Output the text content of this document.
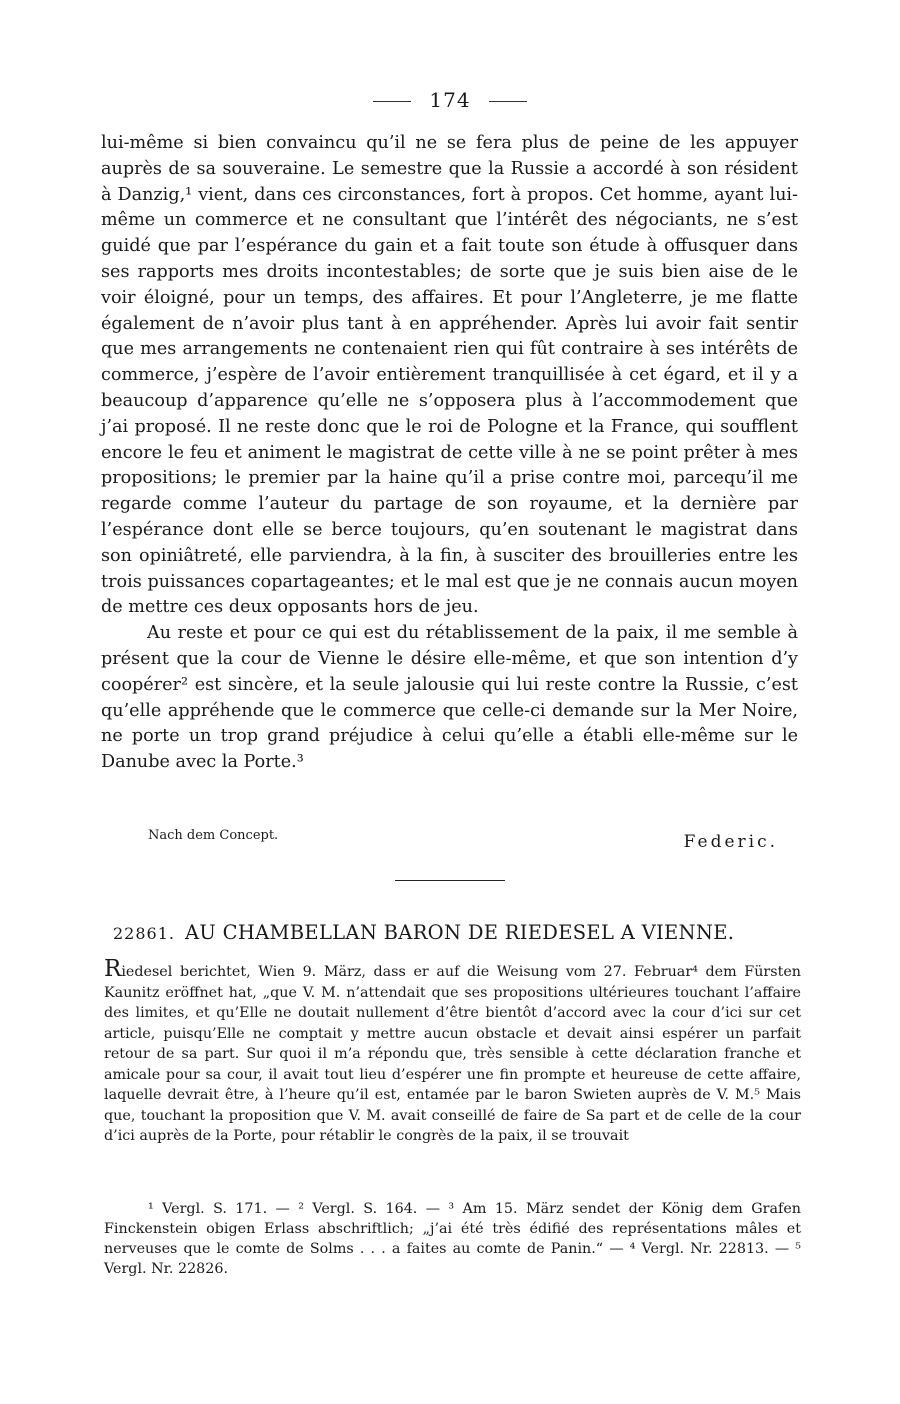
174

lui-même si bien convaincu qu’il ne se fera plus de peine de les appuyer auprès de sa souveraine. Le semestre que la Russie a accordé à son résident à Danzig,¹ vient, dans ces circonstances, fort à propos. Cet homme, ayant lui-même un commerce et ne consultant que l’intérêt des négociants, ne s’est guidé que par l’espérance du gain et a fait toute son étude à offusquer dans ses rapports mes droits incontestables; de sorte que je suis bien aise de le voir éloigné, pour un temps, des affaires. Et pour l’Angleterre, je me flatte également de n’avoir plus tant à en appréhender. Après lui avoir fait sentir que mes arrangements ne contenaient rien qui fût contraire à ses intérêts de commerce, j’espère de l’avoir entièrement tranquillisée à cet égard, et il y a beaucoup d’apparence qu’elle ne s’opposera plus à l’accommodement que j’ai proposé. Il ne reste donc que le roi de Pologne et la France, qui soufflent encore le feu et animent le magistrat de cette ville à ne se point prêter à mes propositions; le premier par la haine qu’il a prise contre moi, parcequ’il me regarde comme l’auteur du partage de son royaume, et la dernière par l’espérance dont elle se berce toujours, qu’en soutenant le magistrat dans son opiniâtreté, elle parviendra, à la fin, à susciter des brouilleries entre les trois puissances copartageantes; et le mal est que je ne connais aucun moyen de mettre ces deux opposants hors de jeu.

Au reste et pour ce qui est du rétablissement de la paix, il me semble à présent que la cour de Vienne le désire elle-même, et que son intention d’y coopérer² est sincère, et la seule jalousie qui lui reste contre la Russie, c’est qu’elle appréhende que le commerce que celle-ci demande sur la Mer Noire, ne porte un trop grand préjudice à celui qu’elle a établi elle-même sur le Danube avec la Porte.³

Nach dem Concept.	Federic.
22861. AU CHAMBELLAN BARON DE RIEDESEL A VIENNE.

Riedesel berichtet, Wien 9. März, dass er auf die Weisung vom 27. Februar⁴ dem Fürsten Kaunitz eröffnet hat, „que V. M. n’attendait que ses propositions ultérieures touchant l’affaire des limites, et qu’Elle ne doutait nullement d’être bientôt d’accord avec la cour d’ici sur cet article, puisqu’Elle ne comptait y mettre aucun obstacle et devait ainsi espérer un parfait retour de sa part. Sur quoi il m’a répondu que, très sensible à cette déclaration franche et amicale pour sa cour, il avait tout lieu d’espérer une fin prompte et heureuse de cette affaire, laquelle devrait être, à l’heure qu’il est, entamée par le baron Swieten auprès de V. M.⁵ Mais que, touchant la proposition que V. M. avait conseillé de faire de Sa part et de celle de la cour d’ici auprès de la Porte, pour rétablir le congrès de la paix, il se trouvait

¹ Vergl. S. 171. — ² Vergl. S. 164. — ³ Am 15. März sendet der König dem Grafen Finckenstein obigen Erlass abschriftlich; „j’ai été très édifié des représentations mâles et nerveuses que le comte de Solms . . . a faites au comte de Panin.“ — ⁴ Vergl. Nr. 22813. — ⁵ Vergl. Nr. 22826.
